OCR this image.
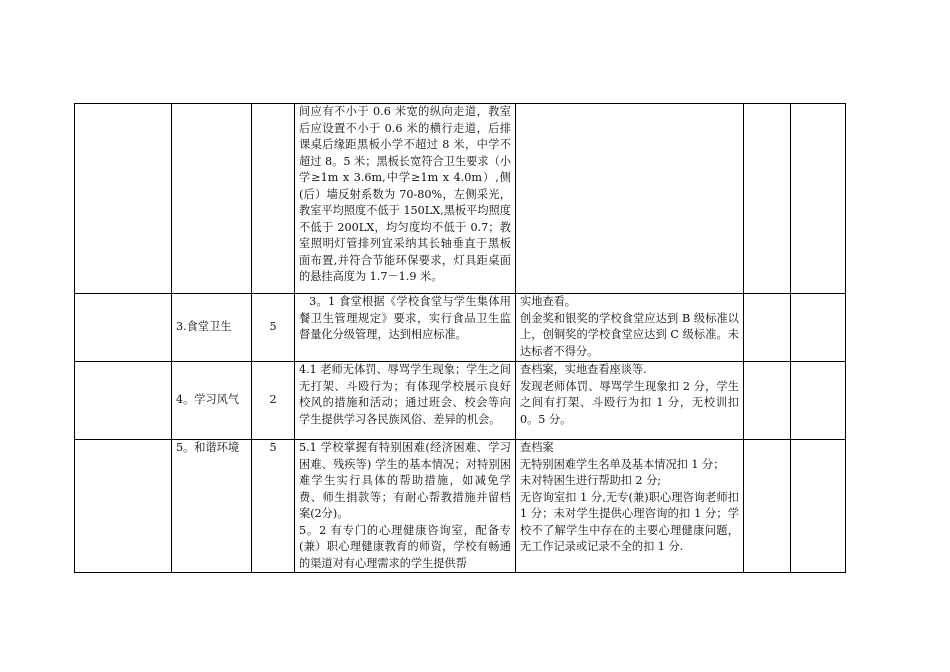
			间应有不小于 0.6 米宽的纵向走道，教室后应设置不小于 0.6 米的横行走道，后排课桌后缘距黑板小学不超过 8 米，中学不超过 8。5 米；黑板长宽符合卫生要求（小学≥1m x 3.6m,中学≥1m x 4.0m）,侧(后）墙反射系数为 70-80%，左侧采光，教室平均照度不低于 150LX,黑板平均照度不低于 200LX，均匀度均不低于 0.7；教室照明灯管排列宜采纳其长轴垂直于黑板面布置,并符合节能环保要求，灯具距桌面的悬挂高度为 1.7－1.9 米。			

	3.食堂卫生	5	3。1 食堂根据《学校食堂与学生集体用餐卫生管理规定》要求，实行食品卫生监督量化分级管理，达到相应标准。	实地查看。
创金奖和银奖的学校食堂应达到 B 级标准以上，创铜奖的学校食堂应达到 C 级标准。未达标者不得分。		

	4。学习风气	2	4.1 老师无体罚、辱骂学生现象；学生之间无打架、斗殴行为；有体现学校展示良好校风的措施和活动；通过班会、校会等向学生提供学习各民族风俗、差异的机会。	查档案，实地查看座谈等.
发现老师体罚、辱骂学生现象扣 2 分，学生之间有打架、斗殴行为扣 1 分，无校训扣 0。5 分。		

	5。和谐环境	5	5.1 学校掌握有特别困难(经济困难、学习困难、残疾等) 学生的基本情况；对特别困难学生实行具体的帮助措施，如减免学费、师生捐款等；有耐心帮教措施并留档案(2分)。
5。2 有专门的心理健康咨询室，配备专(兼）职心理健康教育的师资，学校有畅通的渠道对有心理需求的学生提供帮	查档案
无特别困难学生名单及基本情况扣 1 分；
未对特困生进行帮助扣 2 分;
无咨询室扣 1 分,无专(兼)职心理咨询老师扣 1 分；未对学生提供心理咨询的扣 1 分；学校不了解学生中存在的主要心理健康问题，无工作记录或记录不全的扣 1 分.		
